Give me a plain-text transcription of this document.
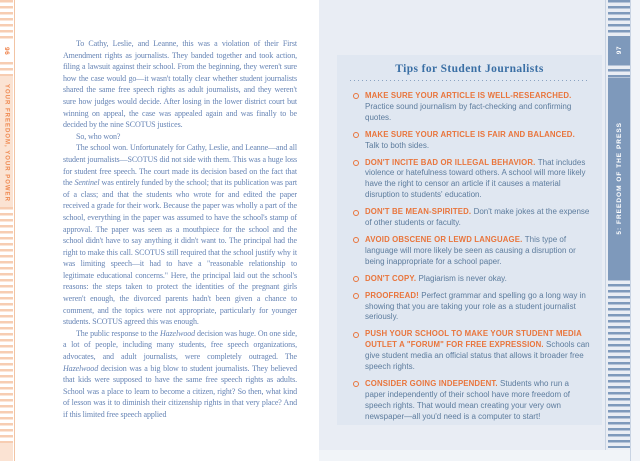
96
YOUR FREEDOM, YOUR POWER

To Cathy, Leslie, and Leanne, this was a violation of their First Amendment rights as journalists. They banded together and took action, filing a lawsuit against their school. From the beginning, they weren't sure how the case would go—it wasn't totally clear whether student journalists shared the same free speech rights as adult journalists, and they weren't sure how judges would decide. After losing in the lower district court but winning on appeal, the case was appealed again and was finally to be decided by the nine SCOTUS justices.

So, who won?

The school won. Unfortunately for Cathy, Leslie, and Leanne—and all student journalists—SCOTUS did not side with them. This was a huge loss for student free speech. The court made its decision based on the fact that the Sentinel was entirely funded by the school; that its publication was part of a class; and that the students who wrote for and edited the paper received a grade for their work. Because the paper was wholly a part of the school, everything in the paper was assumed to have the school's stamp of approval. The paper was seen as a mouthpiece for the school and the school didn't have to say anything it didn't want to. The principal had the right to make this call. SCOTUS still required that the school justify why it was limiting speech—it had to have a "reasonable relationship to legitimate educational concerns." Here, the principal laid out the school's reasons: the steps taken to protect the identities of the pregnant girls weren't enough, the divorced parents hadn't been given a chance to comment, and the topics were not appropriate, particularly for younger students. SCOTUS agreed this was enough.

The public response to the Hazelwood decision was huge. On one side, a lot of people, including many students, free speech organizations, advocates, and adult journalists, were completely outraged. The Hazelwood decision was a big blow to student journalists. They believed that kids were supposed to have the same free speech rights as adults. School was a place to learn to become a citizen, right? So then, what kind of lesson was it to diminish their citizenship rights in that very place? And if this limited free speech applied

Tips for Student Journalists
MAKE SURE YOUR ARTICLE IS WELL-RESEARCHED. Practice sound journalism by fact-checking and confirming quotes.
MAKE SURE YOUR ARTICLE IS FAIR AND BALANCED. Talk to both sides.
DON'T INCITE BAD OR ILLEGAL BEHAVIOR. That includes violence or hatefulness toward others. A school will more likely have the right to censor an article if it causes a material disruption to students' education.
DON'T BE MEAN-SPIRITED. Don't make jokes at the expense of other students or faculty.
AVOID OBSCENE OR LEWD LANGUAGE. This type of language will more likely be seen as causing a disruption or being inappropriate for a school paper.
DON'T COPY. Plagiarism is never okay.
PROOFREAD! Perfect grammar and spelling go a long way in showing that you are taking your role as a student journalist seriously.
PUSH YOUR SCHOOL TO MAKE YOUR STUDENT MEDIA OUTLET A "FORUM" FOR FREE EXPRESSION. Schools can give student media an official status that allows it broader free speech rights.
CONSIDER GOING INDEPENDENT. Students who run a paper independently of their school have more freedom of speech rights. That would mean creating your very own newspaper—all you'd need is a computer to start!
97
5: FREEDOM OF THE PRESS
